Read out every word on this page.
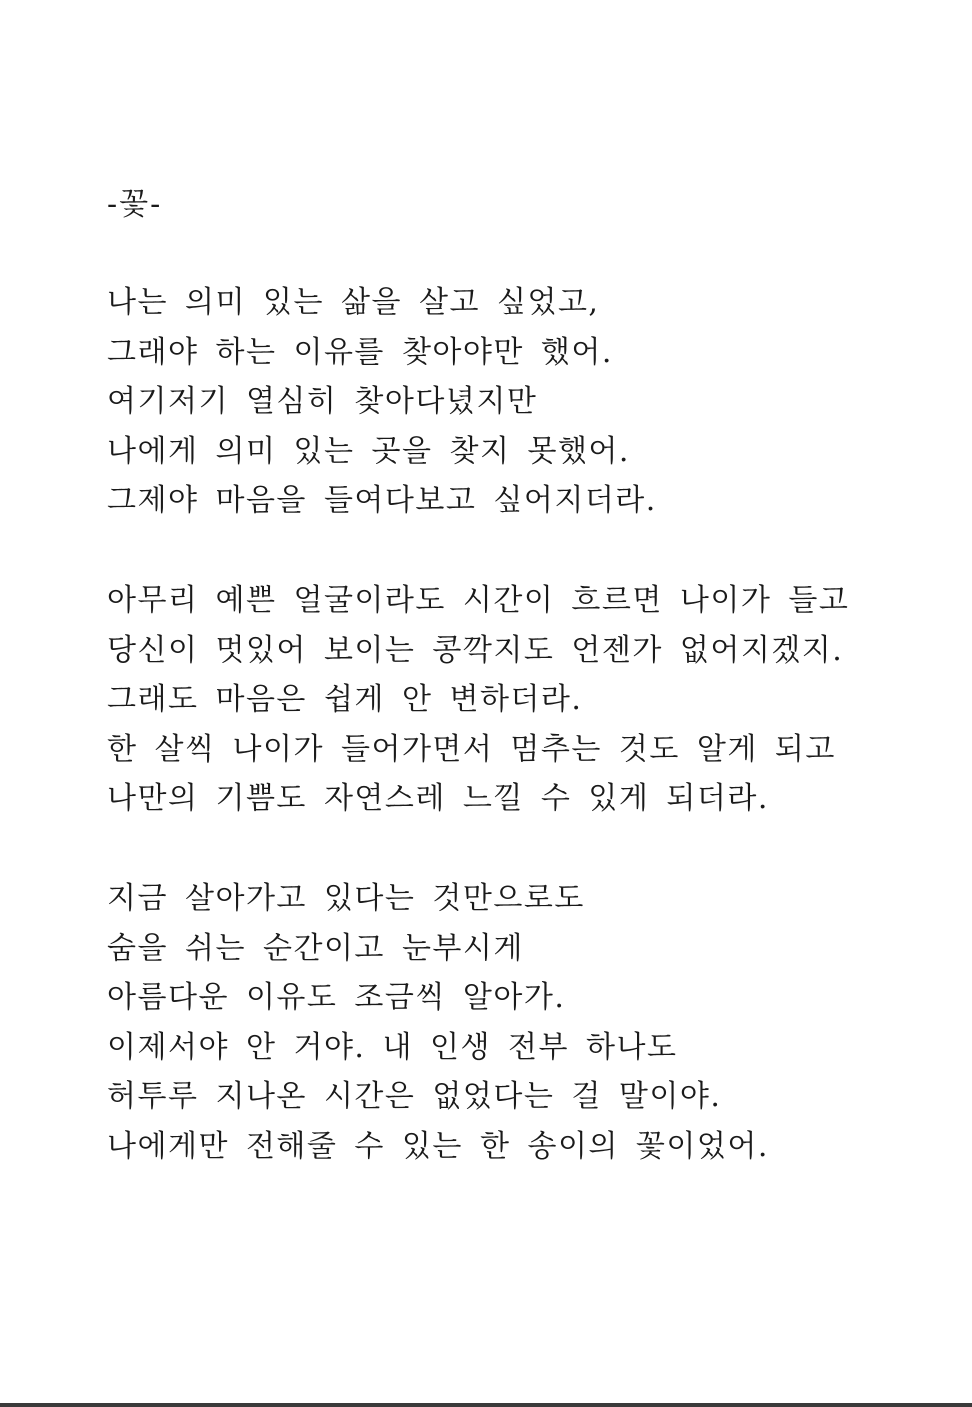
-꽃-
나는 의미 있는 삶을 살고 싶었고,
그래야 하는 이유를 찾아야만 했어.
여기저기 열심히 찾아다녔지만
나에게 의미 있는 곳을 찾지 못했어.
그제야 마음을 들여다보고 싶어지더라.
아무리 예쁜 얼굴이라도 시간이 흐르면 나이가 들고
당신이 멋있어 보이는 콩깍지도 언젠가 없어지겠지.
그래도 마음은 쉽게 안 변하더라.
한 살씩 나이가 들어가면서 멈추는 것도 알게 되고
나만의 기쁨도 자연스레 느낄 수 있게 되더라.
지금 살아가고 있다는 것만으로도
숨을 쉬는 순간이고 눈부시게
아름다운 이유도 조금씩 알아가.
이제서야 안 거야. 내 인생 전부 하나도
허투루 지나온 시간은 없었다는 걸 말이야.
나에게만 전해줄 수 있는 한 송이의 꽃이었어.
